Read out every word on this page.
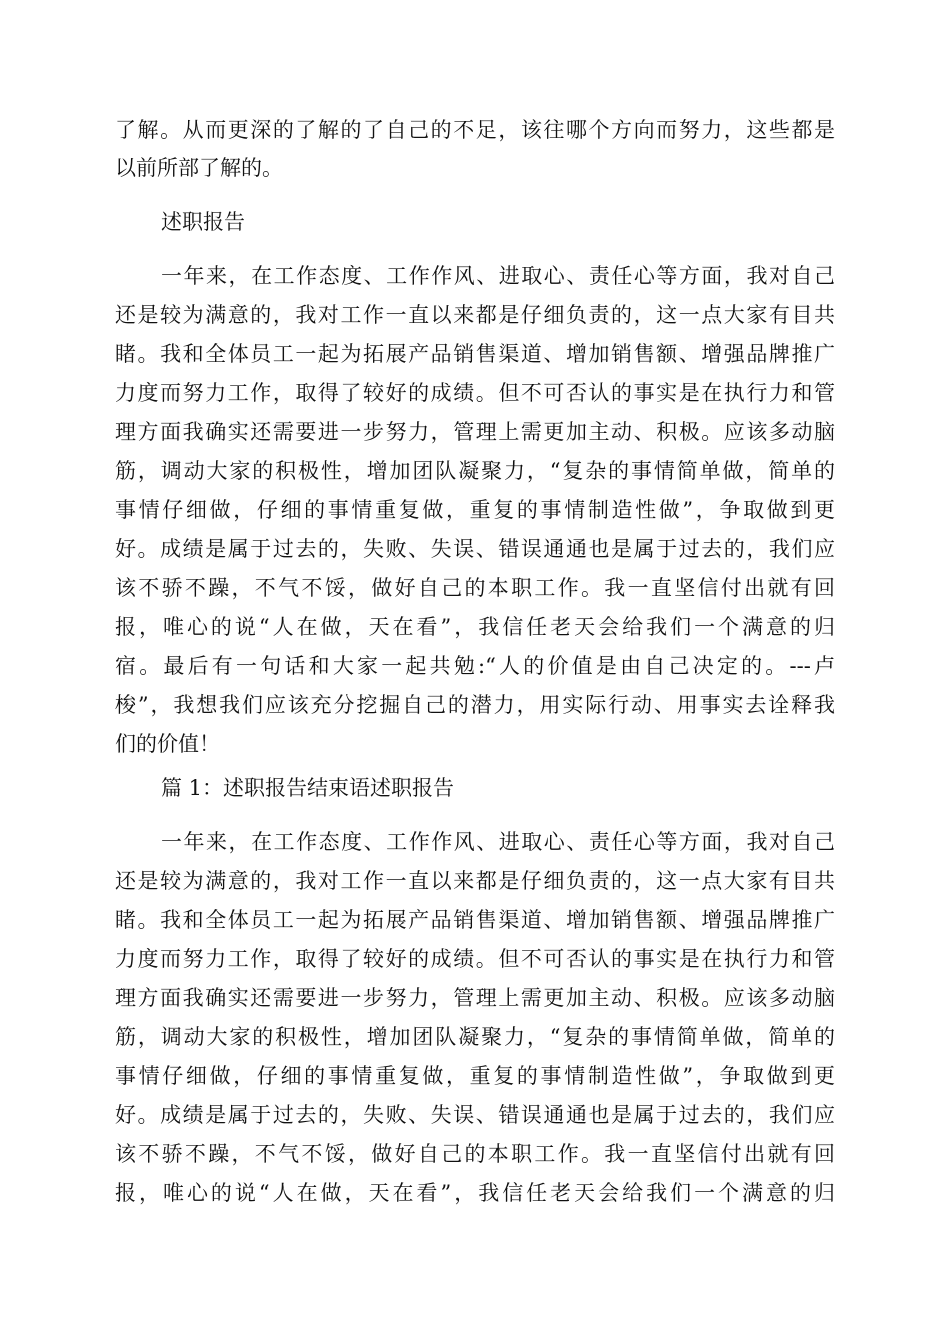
了解。从而更深的了解的了自己的不足，该往哪个方向而努力，这些都是
以前所部了解的。
述职报告
一年来，在工作态度、工作作风、进取心、责任心等方面，我对自己
还是较为满意的，我对工作一直以来都是仔细负责的，这一点大家有目共
睹。我和全体员工一起为拓展产品销售渠道、增加销售额、增强品牌推广
力度而努力工作，取得了较好的成绩。但不可否认的事实是在执行力和管
理方面我确实还需要进一步努力，管理上需更加主动、积极。应该多动脑
筋，调动大家的积极性，增加团队凝聚力，“复杂的事情简单做，简单的
事情仔细做，仔细的事情重复做，重复的事情制造性做”，争取做到更
好。成绩是属于过去的，失败、失误、错误通通也是属于过去的，我们应
该不骄不躁，不气不馁，做好自己的本职工作。我一直坚信付出就有回
报，唯心的说“人在做，天在看”，我信任老天会给我们一个满意的归
宿。最后有一句话和大家一起共勉:“人的价值是由自己决定的。---卢
梭”，我想我们应该充分挖掘自己的潜力，用实际行动、用事实去诠释我
们的价值！
篇 1：述职报告结束语述职报告
一年来，在工作态度、工作作风、进取心、责任心等方面，我对自己
还是较为满意的，我对工作一直以来都是仔细负责的，这一点大家有目共
睹。我和全体员工一起为拓展产品销售渠道、增加销售额、增强品牌推广
力度而努力工作，取得了较好的成绩。但不可否认的事实是在执行力和管
理方面我确实还需要进一步努力，管理上需更加主动、积极。应该多动脑
筋，调动大家的积极性，增加团队凝聚力，“复杂的事情简单做，简单的
事情仔细做，仔细的事情重复做，重复的事情制造性做”，争取做到更
好。成绩是属于过去的，失败、失误、错误通通也是属于过去的，我们应
该不骄不躁，不气不馁，做好自己的本职工作。我一直坚信付出就有回
报，唯心的说“人在做，天在看”，我信任老天会给我们一个满意的归
